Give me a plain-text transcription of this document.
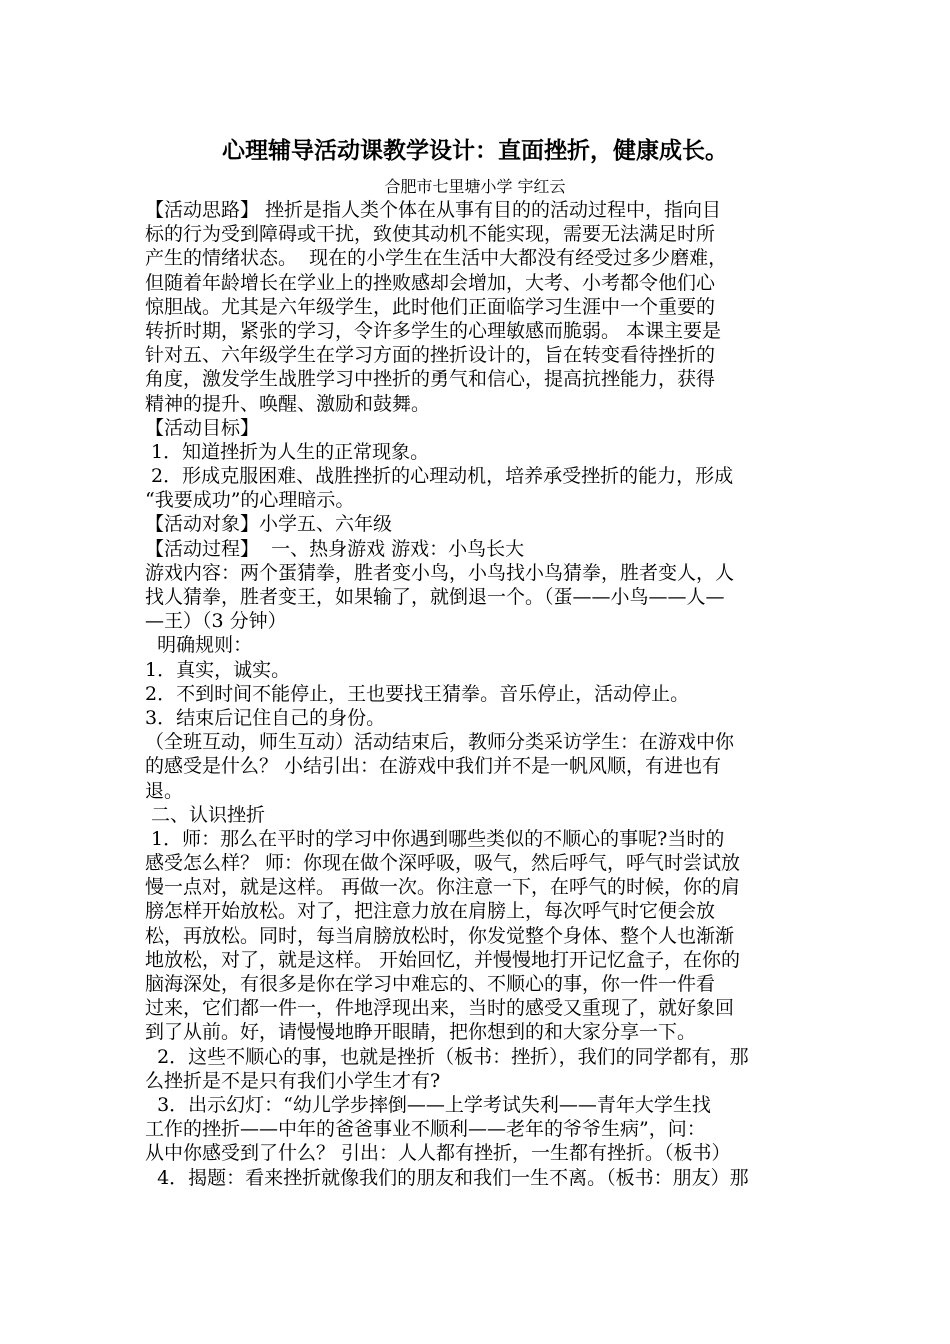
心理辅导活动课教学设计：直面挫折，健康成长。
合肥市七里塘小学 宇红云
【活动思路】 挫折是指人类个体在从事有目的的活动过程中，指向目
标的行为受到障碍或干扰，致使其动机不能实现，需要无法满足时所
产生的情绪状态。  现在的小学生在生活中大都没有经受过多少磨难，
但随着年龄增长在学业上的挫败感却会增加，大考、小考都令他们心
惊胆战。尤其是六年级学生，此时他们正面临学习生涯中一个重要的
转折时期，紧张的学习，令许多学生的心理敏感而脆弱。 本课主要是
针对五、六年级学生在学习方面的挫折设计的，旨在转变看待挫折的
角度，激发学生战胜学习中挫折的勇气和信心，提高抗挫能力，获得
精神的提升、唤醒、激励和鼓舞。
【活动目标】
1．知道挫折为人生的正常现象。
2．形成克服困难、战胜挫折的心理动机，培养承受挫折的能力，形成
“我要成功”的心理暗示。
【活动对象】小学五、六年级
【活动过程】  一、热身游戏 游戏：小鸟长大
游戏内容：两个蛋猜拳，胜者变小鸟，小鸟找小鸟猜拳，胜者变人，人
找人猜拳，胜者变王，如果输了，就倒退一个。（蛋——小鸟——人—
—王）（3 分钟）
明确规则：
1．真实，诚实。
2．不到时间不能停止，王也要找王猜拳。音乐停止，活动停止。
3．结束后记住自己的身份。
（全班互动，师生互动）活动结束后，教师分类采访学生：在游戏中你
的感受是什么？ 小结引出：在游戏中我们并不是一帆风顺，有进也有
退。
二、认识挫折
1．师：那么在平时的学习中你遇到哪些类似的不顺心的事呢?当时的
感受怎么样？ 师：你现在做个深呼吸，吸气，然后呼气，呼气时尝试放
慢一点对，就是这样。 再做一次。你注意一下，在呼气的时候，你的肩
膀怎样开始放松。对了，把注意力放在肩膀上，每次呼气时它便会放
松，再放松。同时，每当肩膀放松时，你发觉整个身体、整个人也渐渐
地放松，对了，就是这样。 开始回忆，并慢慢地打开记忆盒子，在你的
脑海深处，有很多是你在学习中难忘的、不顺心的事，你一件一件看
过来，它们都一件一，件地浮现出来，当时的感受又重现了，就好象回
到了从前。好，请慢慢地睁开眼睛，把你想到的和大家分享一下。
2．这些不顺心的事，也就是挫折（板书：挫折），我们的同学都有，那
么挫折是不是只有我们小学生才有?
3．出示幻灯：“幼儿学步摔倒——上学考试失利——青年大学生找
工作的挫折——中年的爸爸事业不顺利——老年的爷爷生病”，问：
从中你感受到了什么？ 引出：人人都有挫折，一生都有挫折。（板书）
4．揭题：看来挫折就像我们的朋友和我们一生不离。（板书：朋友）那
